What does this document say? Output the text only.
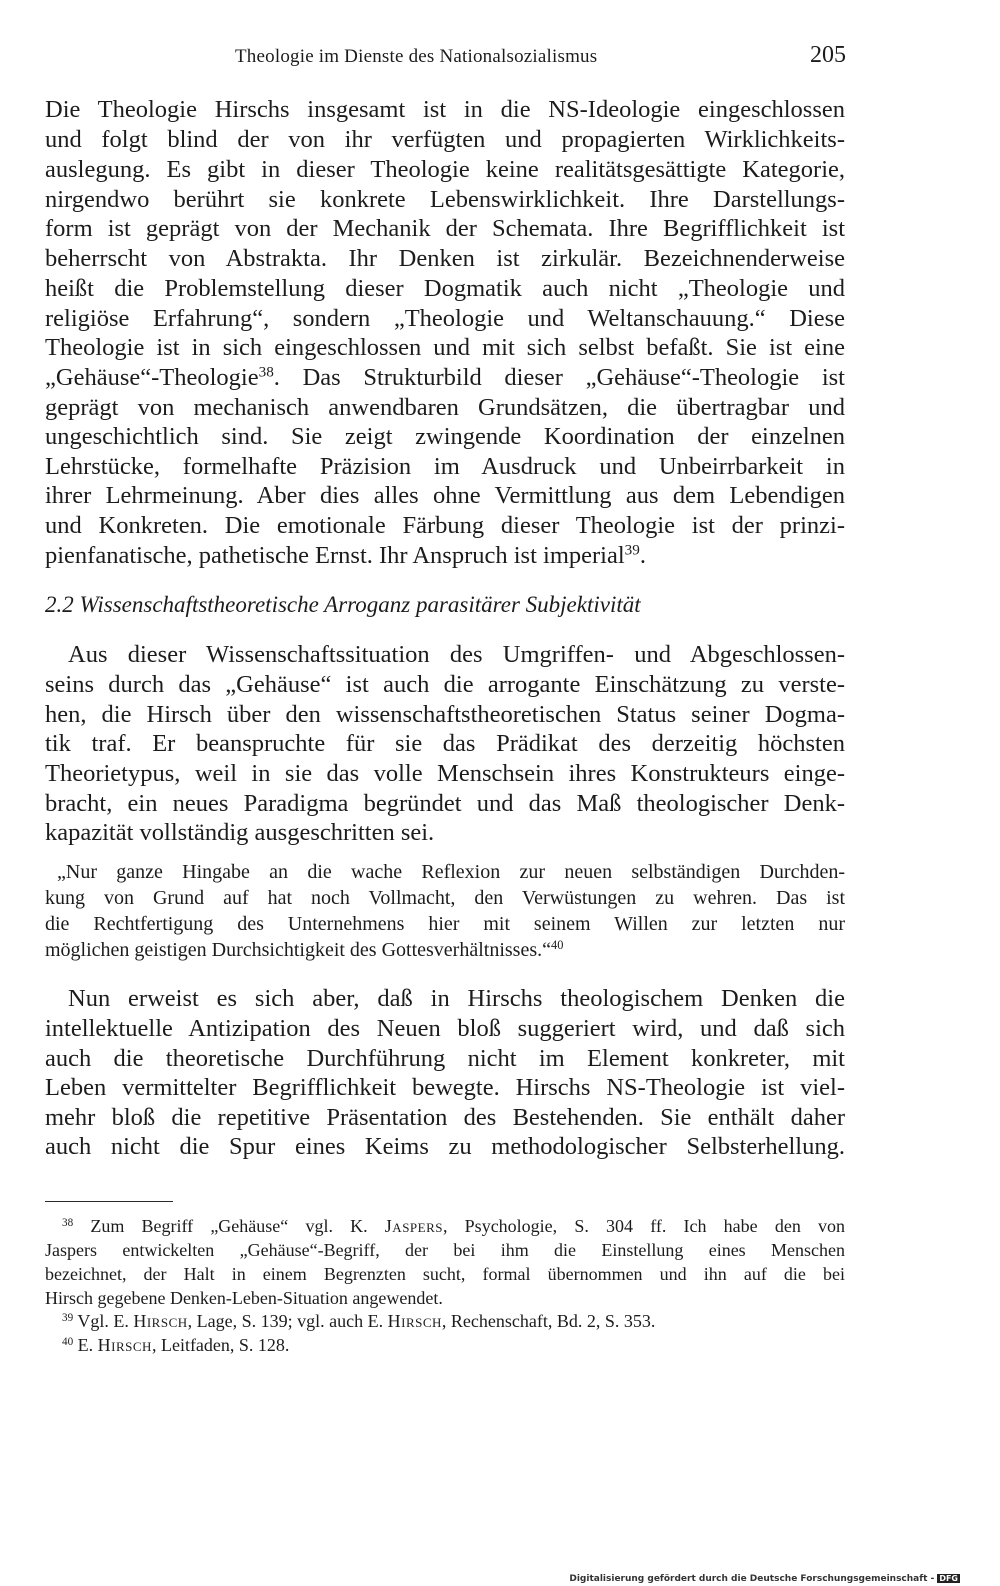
Theologie im Dienste des Nationalsozialismus	205
Die Theologie Hirschs insgesamt ist in die NS-Ideologie eingeschlossen
und folgt blind der von ihr verfügten und propagierten Wirklichkeits-
auslegung. Es gibt in dieser Theologie keine realitätsgesättigte Kategorie,
nirgendwo berührt sie konkrete Lebenswirklichkeit. Ihre Darstellungs-
form ist geprägt von der Mechanik der Schemata. Ihre Begrifflichkeit ist
beherrscht von Abstrakta. Ihr Denken ist zirkulär. Bezeichnenderweise
heißt die Problemstellung dieser Dogmatik auch nicht „Theologie und
religiöse Erfahrung“, sondern „Theologie und Weltanschauung.“ Diese
Theologie ist in sich eingeschlossen und mit sich selbst befaßt. Sie ist eine
„Gehäuse“-Theologie$^{38}$. Das Strukturbild dieser „Gehäuse“-Theologie ist
geprägt von mechanisch anwendbaren Grundsätzen, die übertragbar und
ungeschichtlich sind. Sie zeigt zwingende Koordination der einzelnen
Lehrstücke, formelhafte Präzision im Ausdruck und Unbeirrbarkeit in
ihrer Lehrmeinung. Aber dies alles ohne Vermittlung aus dem Lebendigen
und Konkreten. Die emotionale Färbung dieser Theologie ist der prinzi-
pienfanatische, pathetische Ernst. Ihr Anspruch ist imperial$^{39}$.
2.2 Wissenschaftstheoretische Arroganz parasitärer Subjektivität
Aus dieser Wissenschaftssituation des Umgriffen- und Abgeschlossen-
seins durch das „Gehäuse“ ist auch die arrogante Einschätzung zu verste-
hen, die Hirsch über den wissenschaftstheoretischen Status seiner Dogma-
tik traf. Er beanspruchte für sie das Prädikat des derzeitig höchsten
Theorietypus, weil in sie das volle Menschsein ihres Konstrukteurs einge-
bracht, ein neues Paradigma begründet und das Maß theologischer Denk-
kapazität vollständig ausgeschritten sei.
„Nur ganze Hingabe an die wache Reflexion zur neuen selbständigen Durchden-
kung von Grund auf hat noch Vollmacht, den Verwüstungen zu wehren. Das ist
die Rechtfertigung des Unternehmens hier mit seinem Willen zur letzten nur
möglichen geistigen Durchsichtigkeit des Gottesverhältnisses.“$^{40}$
Nun erweist es sich aber, daß in Hirschs theologischem Denken die
intellektuelle Antizipation des Neuen bloß suggeriert wird, und daß sich
auch die theoretische Durchführung nicht im Element konkreter, mit
Leben vermittelter Begrifflichkeit bewegte. Hirschs NS-Theologie ist viel-
mehr bloß die repetitive Präsentation des Bestehenden. Sie enthält daher
auch nicht die Spur eines Keims zu methodologischer Selbsterhellung.
$^{38}$ Zum Begriff „Gehäuse“ vgl. K. Jaspers, Psychologie, S. 304 ff. Ich habe den von
Jaspers entwickelten „Gehäuse“-Begriff, der bei ihm die Einstellung eines Menschen
bezeichnet, der Halt in einem Begrenzten sucht, formal übernommen und ihn auf die bei
Hirsch gegebene Denken-Leben-Situation angewendet.
$^{39}$ Vgl. E. Hirsch, Lage, S. 139; vgl. auch E. Hirsch, Rechenschaft, Bd. 2, S. 353.
$^{40}$ E. Hirsch, Leitfaden, S. 128.
Digitalisierung gefördert durch die Deutsche Forschungsgemeinschaft - DFG
